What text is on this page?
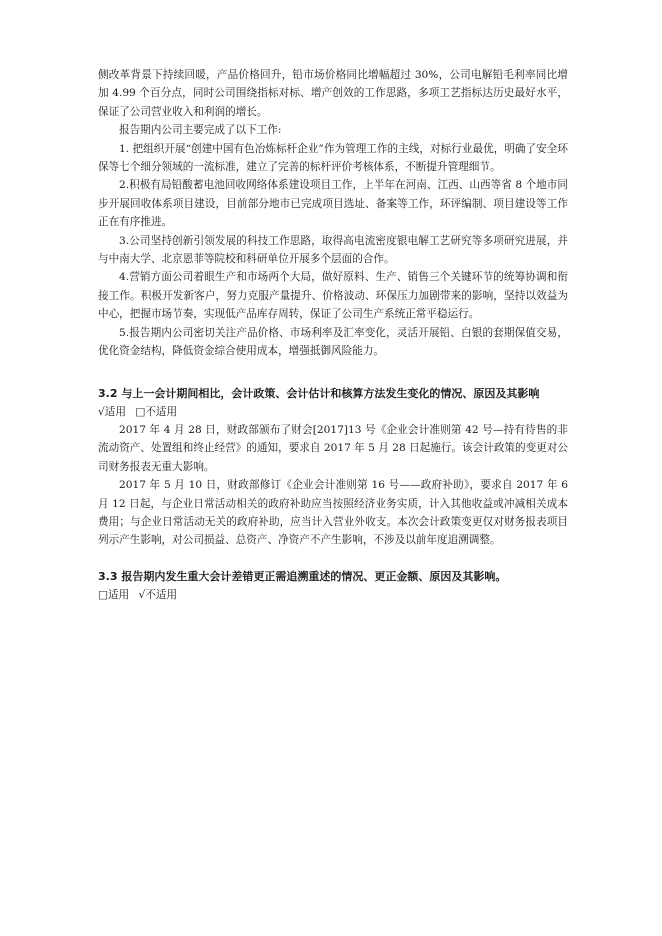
侧改革背景下持续回暖，产品价格回升，铅市场价格同比增幅超过 30%，公司电解铅毛利率同比增加 4.99 个百分点，同时公司围绕指标对标、增产创效的工作思路，多项工艺指标达历史最好水平，保证了公司营业收入和利润的增长。

报告期内公司主要完成了以下工作:

1. 把组织开展“创建中国有色冶炼标杆企业”作为管理工作的主线，对标行业最优，明确了安全环保等七个细分领域的一流标准，建立了完善的标杆评价考核体系，不断提升管理细节。

2.积极有局铅酸蓄电池回收网络体系建设项目工作，上半年在河南、江西、山西等省 8 个地市同步开展回收体系项目建设，目前部分地市已完成项目选址、备案等工作，环评编制、项目建设等工作正在有序推进。

3.公司坚持创新引领发展的科技工作思路，取得高电流密度银电解工艺研究等多项研究进展，并与中南大学、北京恩菲等院校和科研单位开展多个层面的合作。

4.营销方面公司着眼生产和市场两个大局，做好原料、生产、销售三个关键环节的统筹协调和衔接工作。积极开发新客户，努力克服产量提升、价格波动、环保压力加剧带来的影响，坚持以效益为中心，把握市场节奏，实现低产品库存周转，保证了公司生产系统正常平稳运行。

5.报告期内公司密切关注产品价格、市场利率及汇率变化，灵活开展铅、白银的套期保值交易，优化资金结构，降低资金综合使用成本，增强抵御风险能力。

3.2 与上一会计期间相比，会计政策、会计估计和核算方法发生变化的情况、原因及其影响

√适用 □不适用

2017 年 4 月 28 日，财政部颁布了财会[2017]13 号《企业会计准则第 42 号—持有待售的非流动资产、处置组和终止经营》的通知，要求自 2017 年 5 月 28 日起施行。该会计政策的变更对公司财务报表无重大影响。

2017 年 5 月 10 日，财政部修订《企业会计准则第 16 号——政府补助》，要求自 2017 年 6 月 12 日起，与企业日常活动相关的政府补助应当按照经济业务实质，计入其他收益或冲减相关成本费用；与企业日常活动无关的政府补助，应当计入营业外收支。本次会计政策变更仅对财务报表项目列示产生影响，对公司损益、总资产、净资产不产生影响，不涉及以前年度追溯调整。

3.3 报告期内发生重大会计差错更正需追溯重述的情况、更正金额、原因及其影响。

□适用 √不适用
